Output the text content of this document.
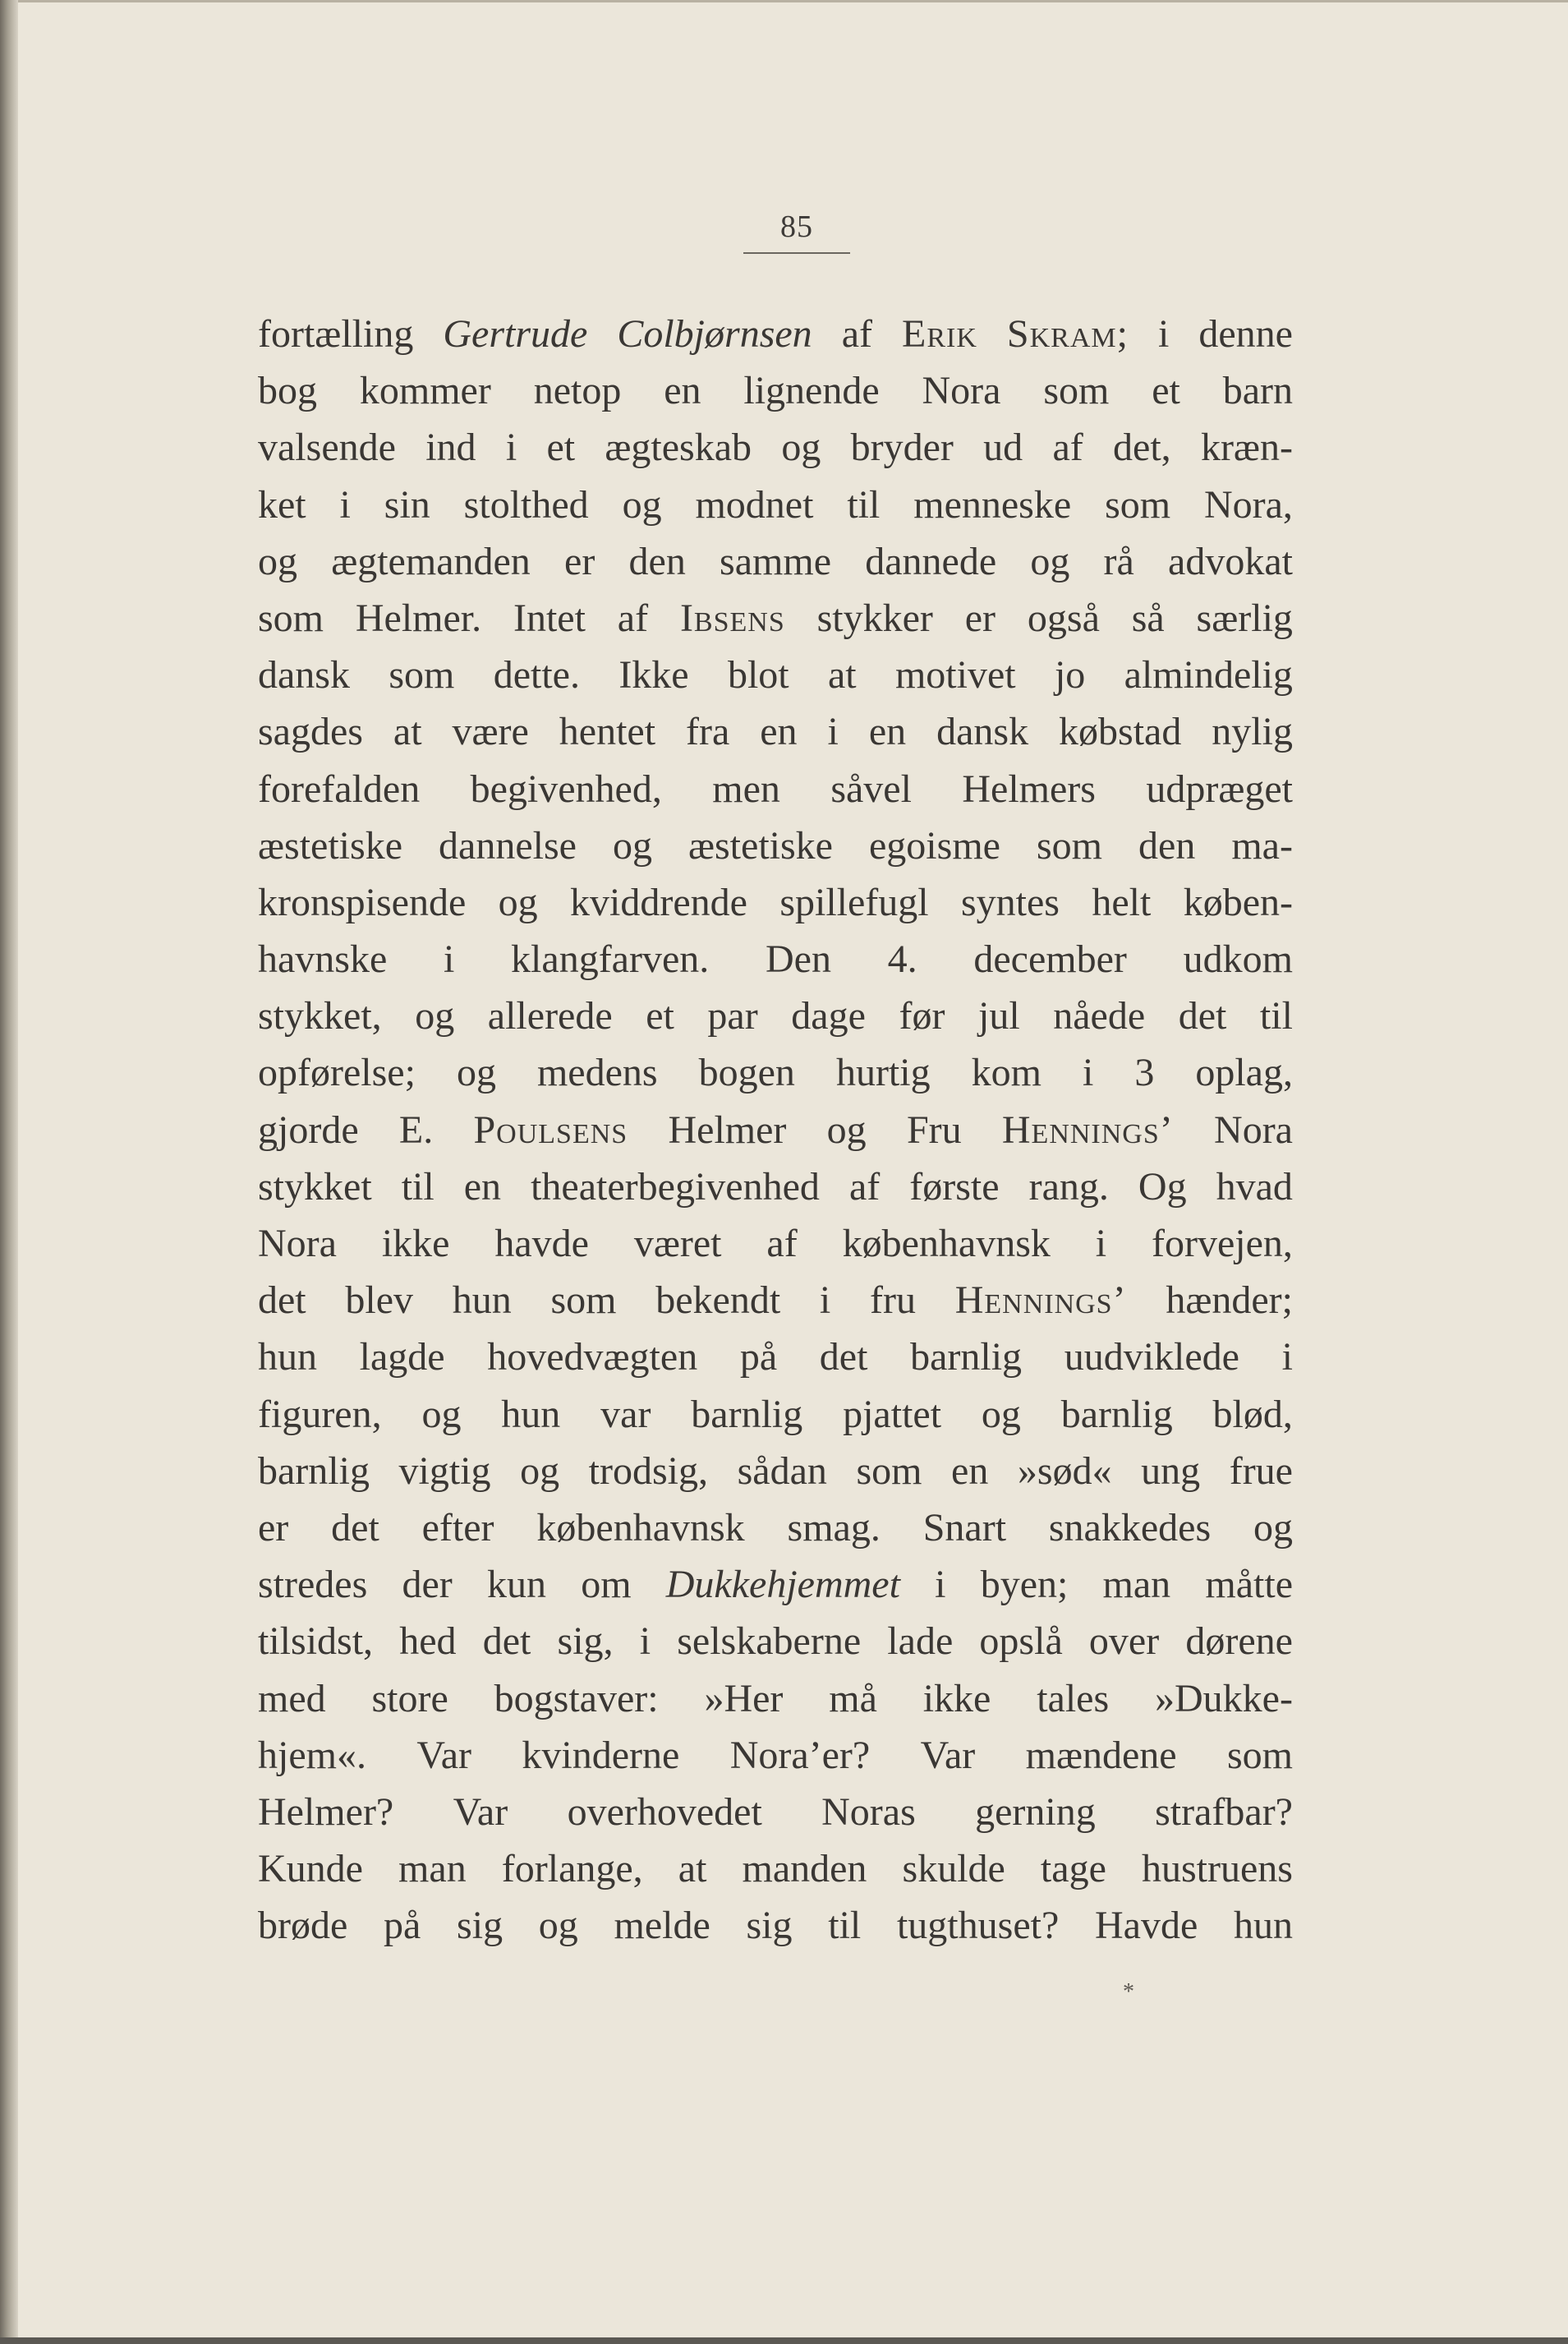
85
fortælling Gertrude Colbjørnsen af Erik Skram; i denne
bog kommer netop en lignende Nora som et barn
valsende ind i et ægteskab og bryder ud af det, kræn-
ket i sin stolthed og modnet til menneske som Nora,
og ægtemanden er den samme dannede og rå advokat
som Helmer. Intet af Ibsens stykker er også så særlig
dansk som dette. Ikke blot at motivet jo almindelig
sagdes at være hentet fra en i en dansk købstad nylig
forefalden begivenhed, men såvel Helmers udpræget
æstetiske dannelse og æstetiske egoisme som den ma-
kronspisende og kviddrende spillefugl syntes helt køben-
havnske i klangfarven. Den 4. december udkom
stykket, og allerede et par dage før jul nåede det til
opførelse; og medens bogen hurtig kom i 3 oplag,
gjorde E. Poulsens Helmer og Fru Hennings’ Nora
stykket til en theaterbegivenhed af første rang. Og hvad
Nora ikke havde været af københavnsk i forvejen,
det blev hun som bekendt i fru Hennings’ hænder;
hun lagde hovedvægten på det barnlig uudviklede i
figuren, og hun var barnlig pjattet og barnlig blød,
barnlig vigtig og trodsig, sådan som en »sød« ung frue
er det efter københavnsk smag. Snart snakkedes og
stredes der kun om Dukkehjemmet i byen; man måtte
tilsidst, hed det sig, i selskaberne lade opslå over dørene
med store bogstaver: »Her må ikke tales »Dukke-
hjem«. Var kvinderne Nora’er? Var mændene som
Helmer? Var overhovedet Noras gerning strafbar?
Kunde man forlange, at manden skulde tage hustruens
brøde på sig og melde sig til tugthuset? Havde hun
*
